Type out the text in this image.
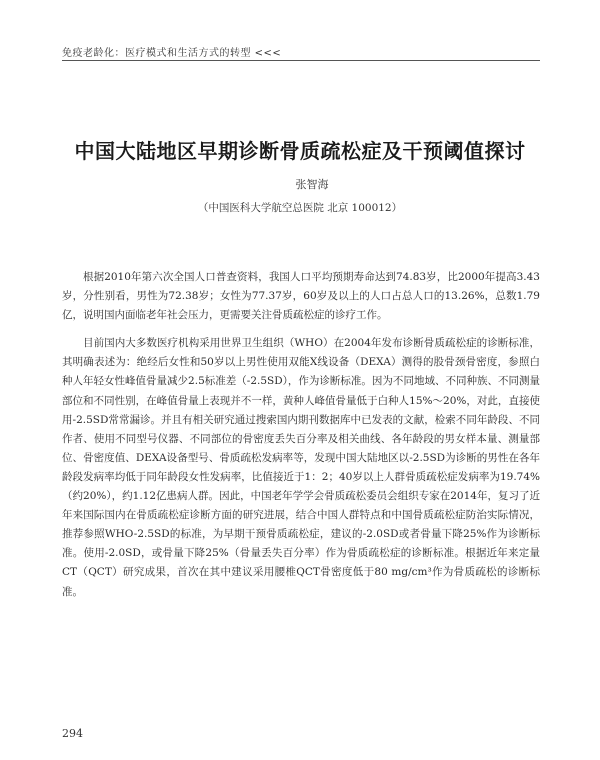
免疫老龄化：医疗模式和生活方式的转型 <<<
中国大陆地区早期诊断骨质疏松症及干预阈值探讨
张智海
（中国医科大学航空总医院 北京 100012）

根据2010年第六次全国人口普查资料，我国人口平均预期寿命达到74.83岁，比2000年提高3.43岁，分性别看，男性为72.38岁；女性为77.37岁，60岁及以上的人口占总人口的13.26%，总数1.79亿，说明国内面临老年社会压力，更需要关注骨质疏松症的诊疗工作。

目前国内大多数医疗机构采用世界卫生组织（WHO）在2004年发布诊断骨质疏松症的诊断标准，其明确表述为：绝经后女性和50岁以上男性使用双能X线设备（DEXA）测得的股骨颈骨密度，参照白种人年轻女性峰值骨量减少2.5标准差（-2.5SD），作为诊断标准。因为不同地域、不同种族、不同测量部位和不同性别，在峰值骨量上表现并不一样，黄种人峰值骨量低于白种人15%～20%，对此，直接使用-2.5SD常常漏诊。并且有相关研究通过搜索国内期刊数据库中已发表的文献，检索不同年龄段、不同作者、使用不同型号仪器、不同部位的骨密度丢失百分率及相关曲线、各年龄段的男女样本量、测量部位、骨密度值、DEXA设备型号、骨质疏松发病率等，发现中国大陆地区以-2.5SD为诊断的男性在各年龄段发病率均低于同年龄段女性发病率，比值接近于1：2；40岁以上人群骨质疏松症发病率为19.74%（约20%），约1.12亿患病人群。因此，中国老年学学会骨质疏松委员会组织专家在2014年，复习了近年来国际国内在骨质疏松症诊断方面的研究进展，结合中国人群特点和中国骨质疏松症防治实际情况，推荐参照WHO-2.5SD的标准，为早期干预骨质疏松症，建议的-2.0SD或者骨量下降25%作为诊断标准。使用-2.0SD，或骨量下降25%（骨量丢失百分率）作为骨质疏松症的诊断标准。根据近年来定量CT（QCT）研究成果，首次在其中建议采用腰椎QCT骨密度低于80 mg/cm³作为骨质疏松的诊断标准。

294
